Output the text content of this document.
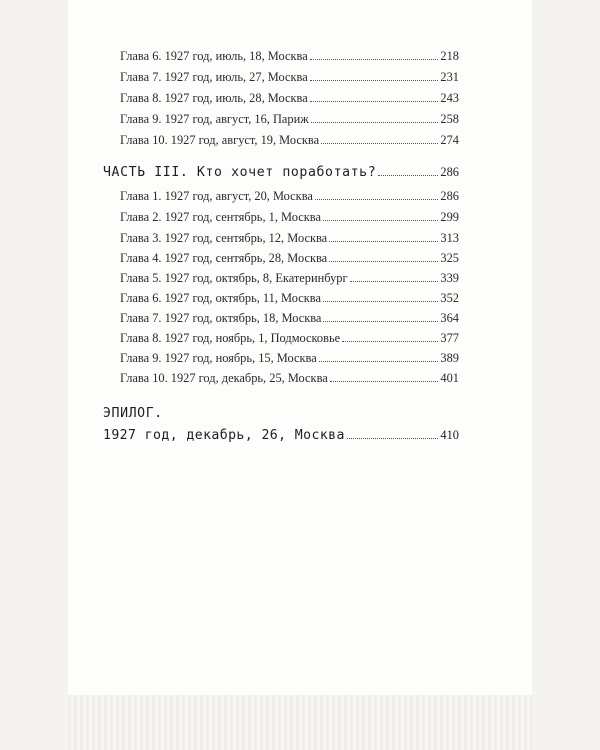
Глава 6. 1927 год, июль, 18, Москва	218
Глава 7. 1927 год, июль, 27, Москва	231
Глава 8. 1927 год, июль, 28, Москва	243
Глава 9. 1927 год, август, 16, Париж	258
Глава 10. 1927 год, август, 19, Москва	274
ЧАСТЬ III. Кто хочет поработать?	286
Глава 1. 1927 год, август, 20, Москва	286
Глава 2. 1927 год, сентябрь, 1, Москва	299
Глава 3. 1927 год, сентябрь, 12, Москва	313
Глава 4. 1927 год, сентябрь, 28, Москва	325
Глава 5. 1927 год, октябрь, 8, Екатеринбург	339
Глава 6. 1927 год, октябрь, 11, Москва	352
Глава 7. 1927 год, октябрь, 18, Москва	364
Глава 8. 1927 год, ноябрь, 1, Подмосковье	377
Глава 9. 1927 год, ноябрь, 15, Москва	389
Глава 10. 1927 год, декабрь, 25, Москва	401
ЭПИЛОГ.
1927 год, декабрь, 26, Москва	410
